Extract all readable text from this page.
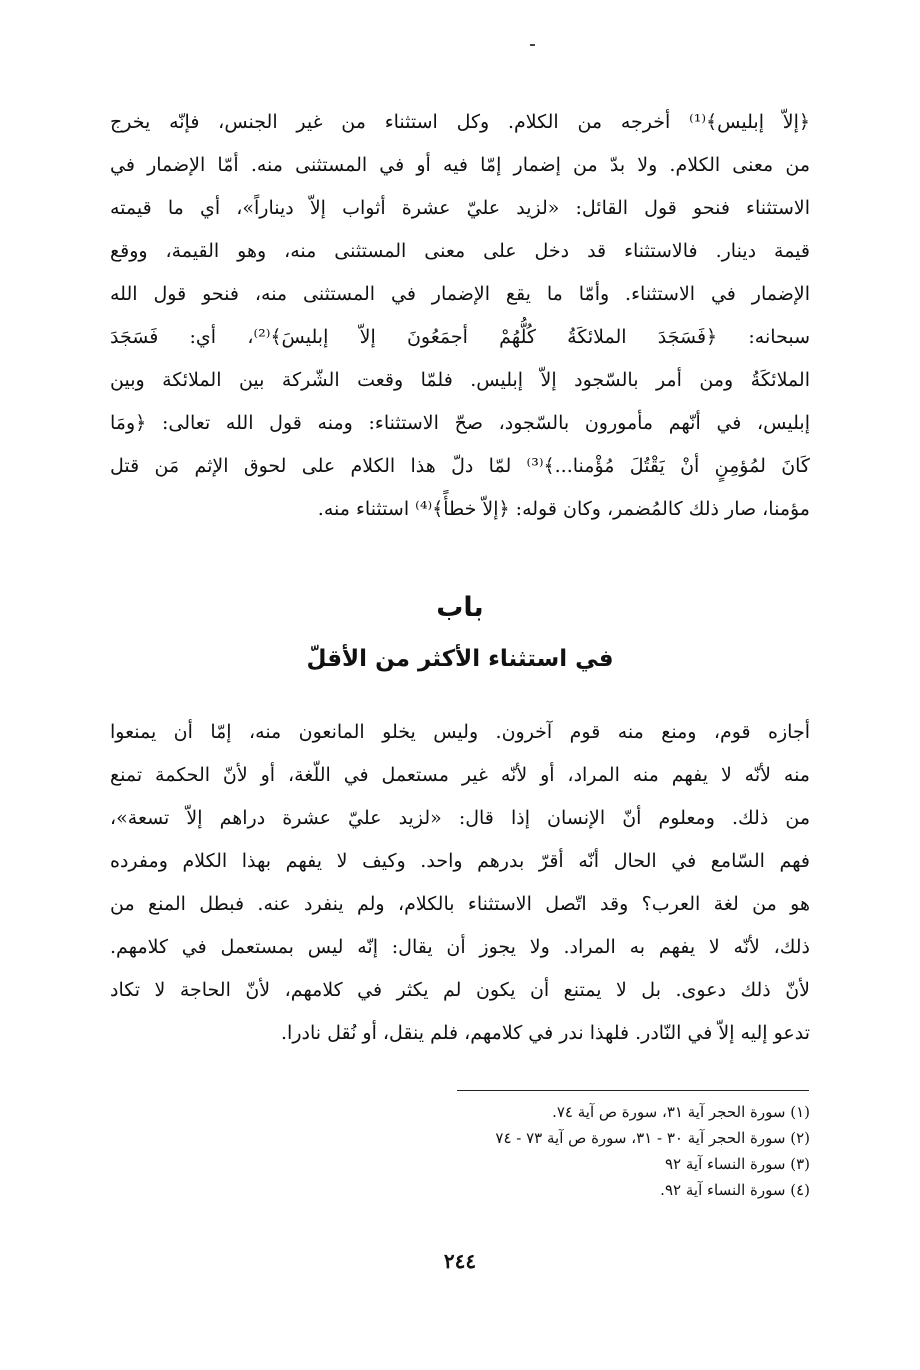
﴿إلاّ إبليس﴾⁽¹⁾ أخرجه من الكلام. وكل استثناء من غير الجنس، فإنّه يخرج
من معنى الكلام. ولا بدّ من إضمار إمّا فيه أو في المستثنى منه. أمّا الإضمار في
الاستثناء فنحو قول القائل: «لزيد عليّ عشرة أثواب إلاّ ديناراً»، أي ما قيمته
قيمة دينار. فالاستثناء قد دخل على معنى المستثنى منه، وهو القيمة، ووقع
الإضمار في الاستثناء. وأمّا ما يقع الإضمار في المستثنى منه، فنحو قول الله
سبحانه: ﴿فَسَجَدَ الملائكَةُ كُلُّهُمْ أجمَعُونَ إلاّ إبليسَ﴾⁽²⁾، أي: فَسَجَدَ
الملائكَةُ ومن أمر بالسّجود إلاّ إبليس. فلمّا وقعت الشّركة بين الملائكة وبين
إبليس، في أنّهم مأمورون بالسّجود، صحّ الاستثناء: ومنه قول الله تعالى: ﴿ومَا
كَانَ لمُؤمِنٍ أنْ يَقْتُلَ مُؤْمنا...﴾⁽³⁾ لمّا دلّ هذا الكلام على لحوق الإثم مَن قتل
مؤمنا، صار ذلك كالمُضمر، وكان قوله: ﴿إلاّ خطأً﴾⁽⁴⁾ استثناء منه.
باب
في استثناء الأكثر من الأقلّ
أجازه قوم، ومنع منه قوم آخرون. وليس يخلو المانعون منه، إمّا أن يمنعوا
منه لأنّه لا يفهم منه المراد، أو لأنّه غير مستعمل في اللّغة، أو لأنّ الحكمة تمنع
من ذلك. ومعلوم أنّ الإنسان إذا قال: «لزيد عليّ عشرة دراهم إلاّ تسعة»،
فهم السّامع في الحال أنّه أقرّ بدرهم واحد. وكيف لا يفهم بهذا الكلام ومفرده
هو من لغة العرب؟ وقد اتّصل الاستثناء بالكلام، ولم ينفرد عنه. فبطل المنع من
ذلك، لأنّه لا يفهم به المراد. ولا يجوز أن يقال: إنّه ليس بمستعمل في كلامهم.
لأنّ ذلك دعوى. بل لا يمتنع أن يكون لم يكثر في كلامهم، لأنّ الحاجة لا تكاد
تدعو إليه إلاّ في النّادر. فلهذا ندر في كلامهم، فلم ينقل، أو نُقل نادرا.
(١) سورة الحجر آية ٣١، سورة ص آية ٧٤.
(٢) سورة الحجر آية ٣٠ - ٣١، سورة ص آية ٧٣ - ٧٤
(٣) سورة النساء آية ٩٢
(٤) سورة النساء آية ٩٢.
٢٤٤
